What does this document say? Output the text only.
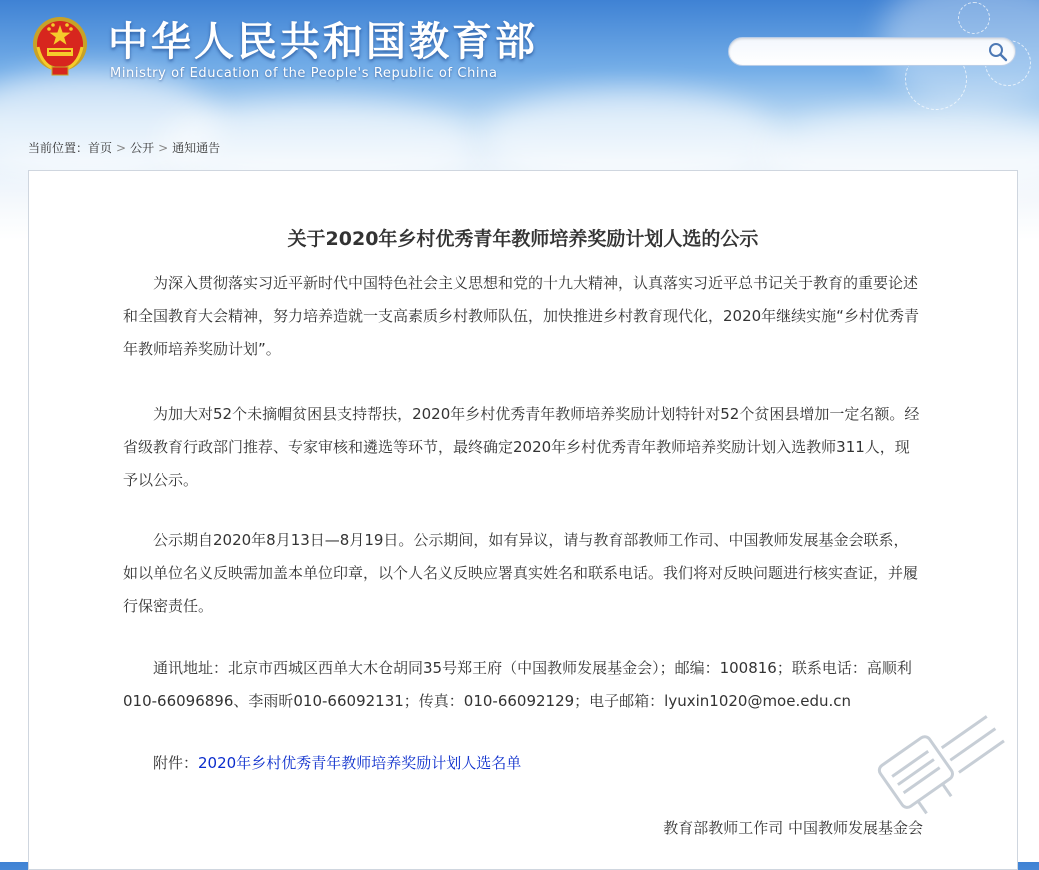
中华人民共和国教育部
Ministry of Education of the People's Republic of China
当前位置：首页 > 公开 > 通知通告
关于2020年乡村优秀青年教师培养奖励计划人选的公示

为深入贯彻落实习近平新时代中国特色社会主义思想和党的十九大精神，认真落实习近平总书记关于教育的重要论述和全国教育大会精神，努力培养造就一支高素质乡村教师队伍，加快推进乡村教育现代化，2020年继续实施“乡村优秀青年教师培养奖励计划”。

为加大对52个未摘帽贫困县支持帮扶，2020年乡村优秀青年教师培养奖励计划特针对52个贫困县增加一定名额。经省级教育行政部门推荐、专家审核和遴选等环节，最终确定2020年乡村优秀青年教师培养奖励计划入选教师311人，现予以公示。

公示期自2020年8月13日—8月19日。公示期间，如有异议，请与教育部教师工作司、中国教师发展基金会联系，如以单位名义反映需加盖本单位印章，以个人名义反映应署真实姓名和联系电话。我们将对反映问题进行核实查证，并履行保密责任。

通讯地址：北京市西城区西单大木仓胡同35号郑王府（中国教师发展基金会）；邮编：100816；联系电话：高顺利010-66096896、李雨昕010-66092131；传真：010-66092129；电子邮箱：lyuxin1020@moe.edu.cn

附件：2020年乡村优秀青年教师培养奖励计划人选名单

教育部教师工作司 中国教师发展基金会
